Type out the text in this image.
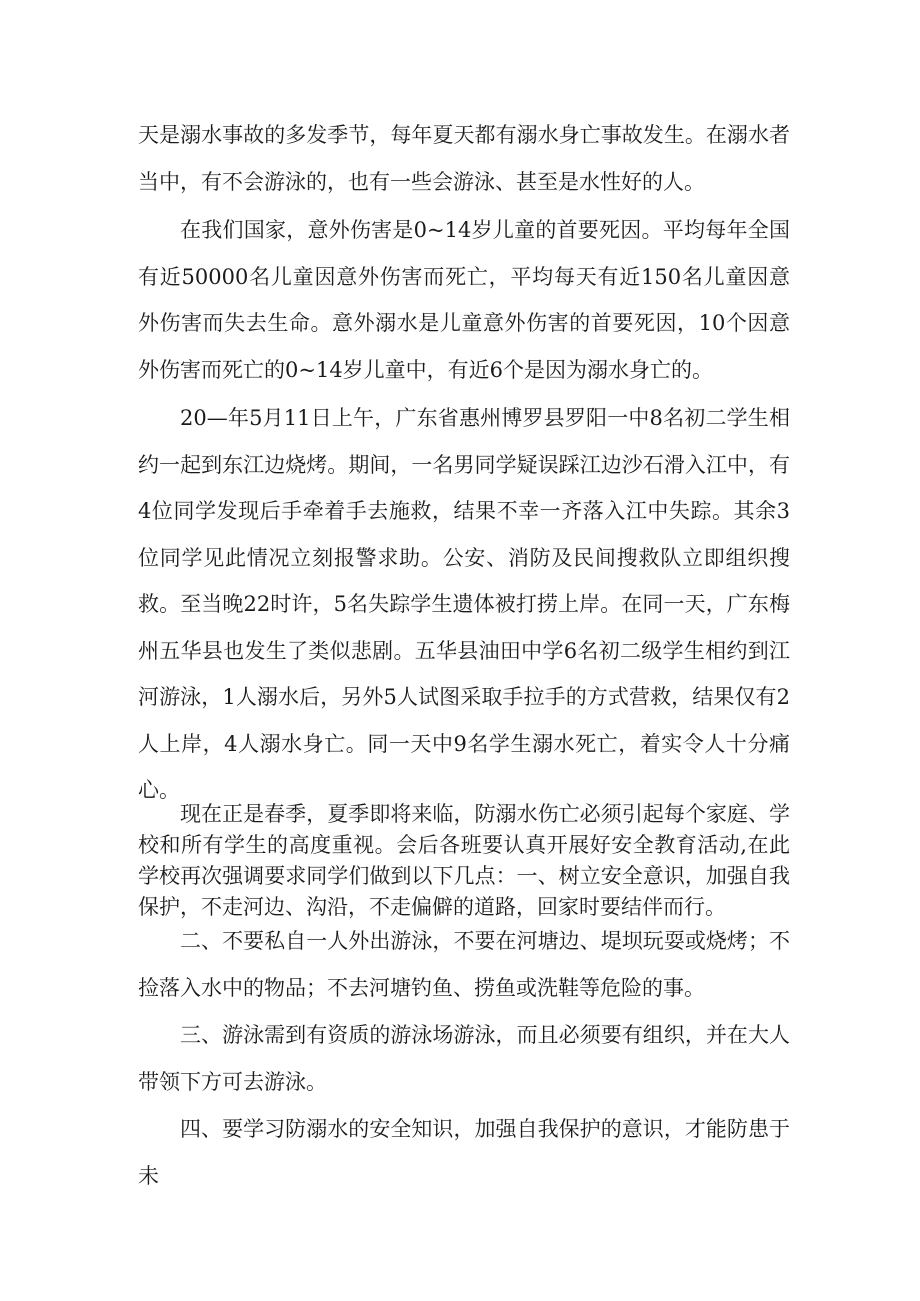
天是溺水事故的多发季节，每年夏天都有溺水身亡事故发生。在溺水者当中，有不会游泳的，也有一些会游泳、甚至是水性好的人。

在我们国家，意外伤害是0~14岁儿童的首要死因。平均每年全国有近50000名儿童因意外伤害而死亡，平均每天有近150名儿童因意外伤害而失去生命。意外溺水是儿童意外伤害的首要死因，10个因意外伤害而死亡的0~14岁儿童中，有近6个是因为溺水身亡的。

20—年5月11日上午，广东省惠州博罗县罗阳一中8名初二学生相约一起到东江边烧烤。期间，一名男同学疑误踩江边沙石滑入江中，有4位同学发现后手牵着手去施救，结果不幸一齐落入江中失踪。其余3位同学见此情况立刻报警求助。公安、消防及民间搜救队立即组织搜救。至当晚22时许，5名失踪学生遗体被打捞上岸。在同一天，广东梅州五华县也发生了类似悲剧。五华县油田中学6名初二级学生相约到江河游泳，1人溺水后，另外5人试图采取手拉手的方式营救，结果仅有2人上岸，4人溺水身亡。同一天中9名学生溺水死亡，着实令人十分痛心。

现在正是春季，夏季即将来临，防溺水伤亡必须引起每个家庭、学校和所有学生的高度重视。会后各班要认真开展好安全教育活动,在此学校再次强调要求同学们做到以下几点：一、树立安全意识，加强自我保护，不走河边、沟沿，不走偏僻的道路，回家时要结伴而行。

二、不要私自一人外出游泳，不要在河塘边、堤坝玩耍或烧烤；不捡落入水中的物品；不去河塘钓鱼、捞鱼或洗鞋等危险的事。

三、游泳需到有资质的游泳场游泳，而且必须要有组织，并在大人带领下方可去游泳。

四、要学习防溺水的安全知识，加强自我保护的意识，才能防患于未
